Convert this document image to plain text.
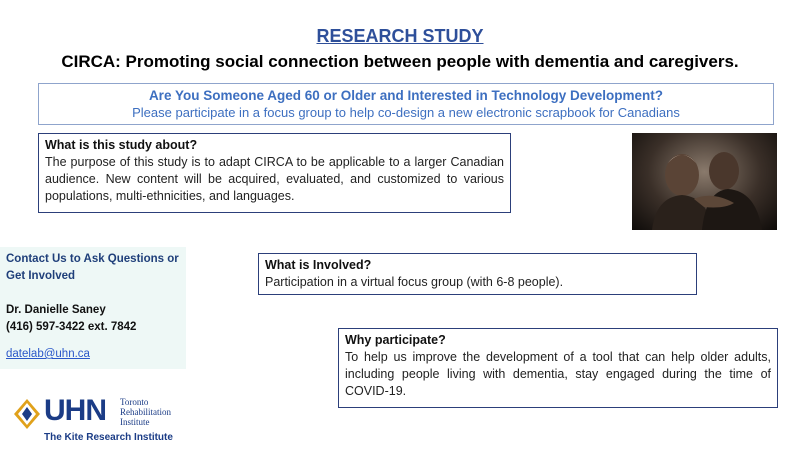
RESEARCH STUDY
CIRCA: Promoting social connection between people with dementia and caregivers.
Are You Someone Aged 60 or Older and Interested in Technology Development?
Please participate in a focus group to help co-design a new electronic scrapbook for Canadians
What is this study about?
The purpose of this study is to adapt CIRCA to be applicable to a larger Canadian audience. New content will be acquired, evaluated, and customized to various populations, multi-ethnicities, and languages.
Contact Us to Ask Questions or Get Involved
Dr. Danielle Saney
(416) 597-3422 ext. 7842
datelab@uhn.ca
What is Involved?
Participation in a virtual focus group (with 6-8 people).
Why participate?
To help us improve the development of a tool that can help older adults, including people living with dementia, stay engaged during the time of COVID-19.
UHN Toronto
Rehabilitation
Institute
The Kite Research Institute
